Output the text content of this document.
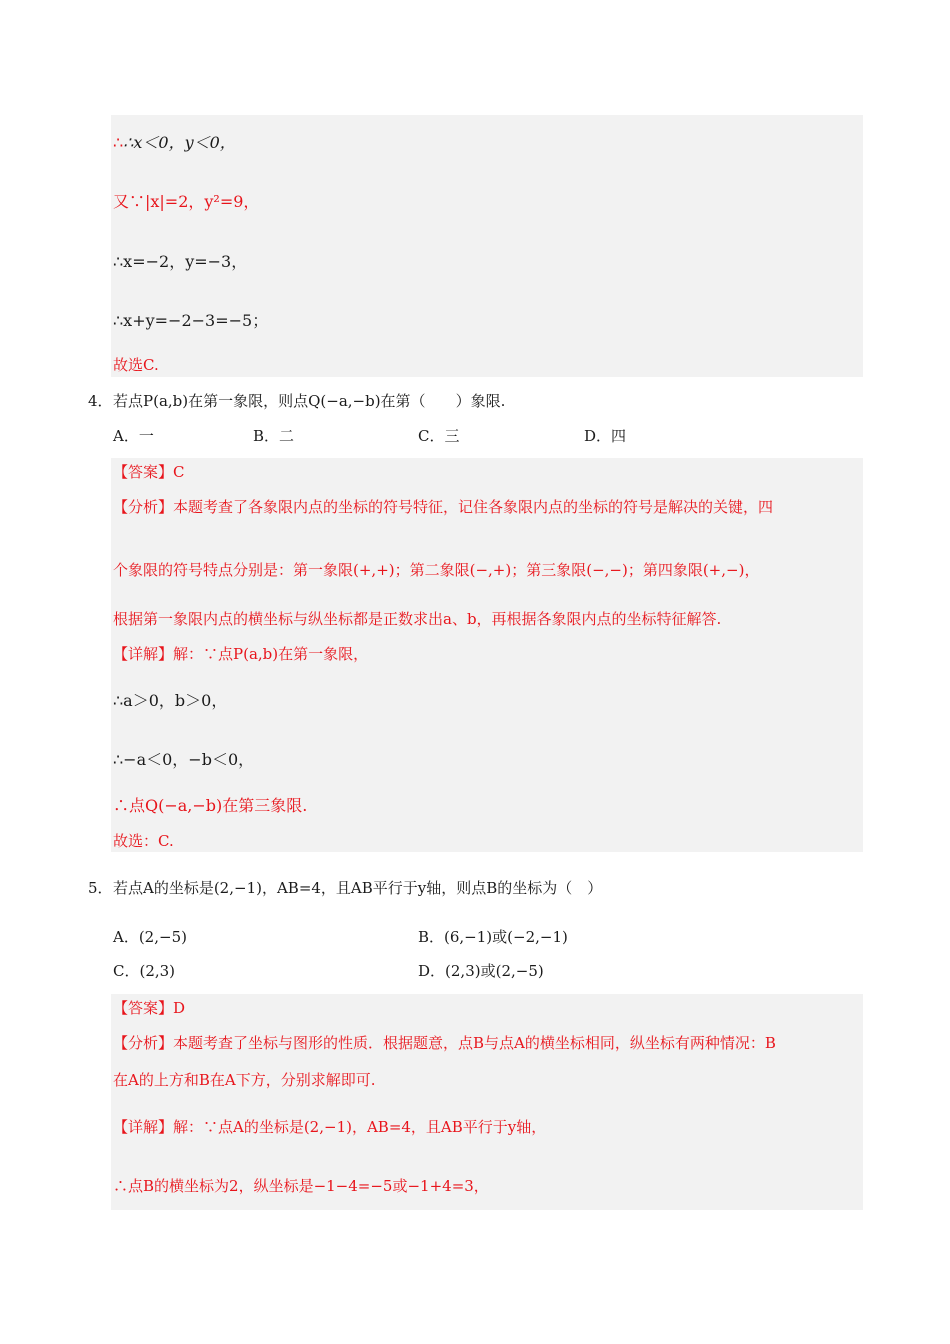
∴∴x＜0，y＜0，
又∵|x|=2，y²=9，
∴x=−2，y=−3，
∴x+y=−2−3=−5；
故选C.
4． 若点P(a,b)在第一象限，则点Q(−a,−b)在第（　　）象限.
A．一	B．二	C．三	D．四
【答案】C
【分析】本题考查了各象限内点的坐标的符号特征，记住各象限内点的坐标的符号是解决的关键，四
个象限的符号特点分别是：第一象限(+,+)；第二象限(−,+)；第三象限(−,−)；第四象限(+,−)，
根据第一象限内点的横坐标与纵坐标都是正数求出a、b，再根据各象限内点的坐标特征解答.
【详解】解：∵点P(a,b)在第一象限，
∴a＞0，b＞0，
∴−a＜0，−b＜0，
∴点Q(−a,−b)在第三象限.
故选：C.
5． 若点A的坐标是(2,−1)，AB=4，且AB平行于y轴，则点B的坐标为（　）
A．(2,−5)	B．(6,−1)或(−2,−1)
C．(2,3)	D．(2,3)或(2,−5)
【答案】D
【分析】本题考查了坐标与图形的性质．根据题意，点B与点A的横坐标相同，纵坐标有两种情况：B
在A的上方和B在A下方，分别求解即可.
【详解】解：∵点A的坐标是(2,−1)，AB=4，且AB平行于y轴，
∴点B的横坐标为2，纵坐标是−1−4=−5或−1+4=3，
